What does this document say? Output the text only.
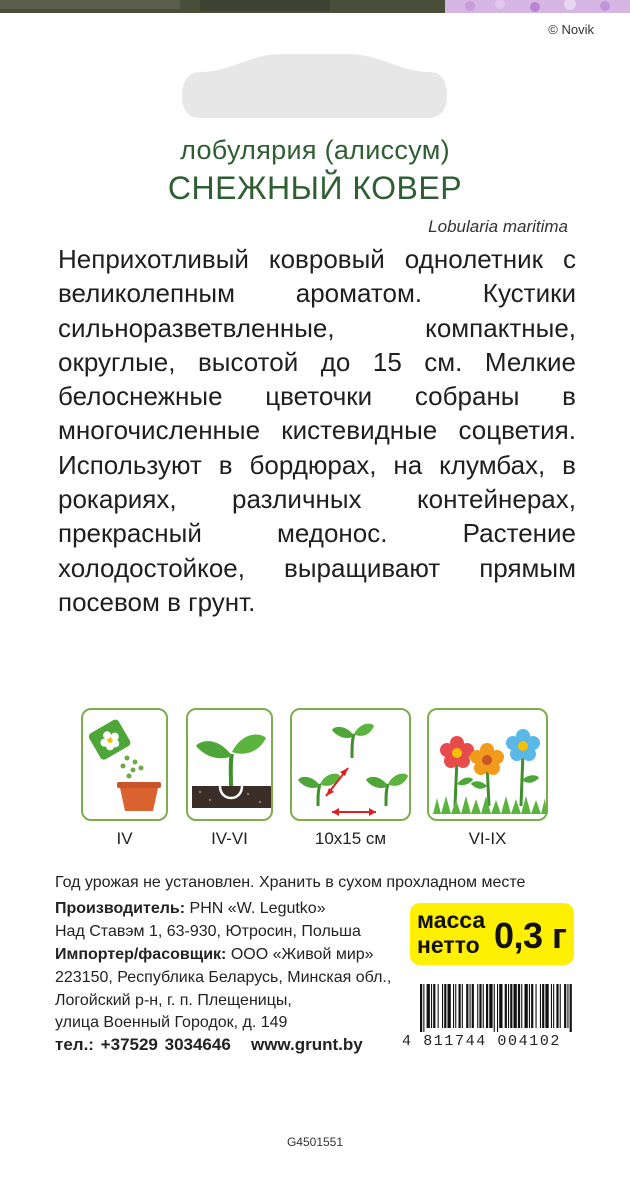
© Novik
лобулярия (алиссум)
СНЕЖНЫЙ КОВЕР
Lobularia maritima
Неприхотливый ковровый однолетник с великолепным ароматом. Кустики сильноразветвленные, компактные, округлые, высотой до 15 см. Мелкие белоснежные цветочки собраны в многочисленные кистевидные соцветия. Используют в бордюрах, на клумбах, в рокариях, различных контейнерах, прекрасный медонос. Растение холодостойкое, выращивают прямым посевом в грунт.
IV	IV-VI	10x15 см	VI-IX
Год урожая не установлен. Хранить в сухом прохладном месте
Производитель: PHN «W. Legutko»
Над Ставэм 1, 63-930, Ютросин, Польша
Импортер/фасовщик: ООО «Живой мир»
223150, Республика Беларусь, Минская обл.,
Логойский р-н, г. п. Плещеницы,
улица Военный Городок, д. 149
тел.: +37529 3034646 www.grunt.by
масса
нетто 0,3 г
4 811744 004102
G4501551
